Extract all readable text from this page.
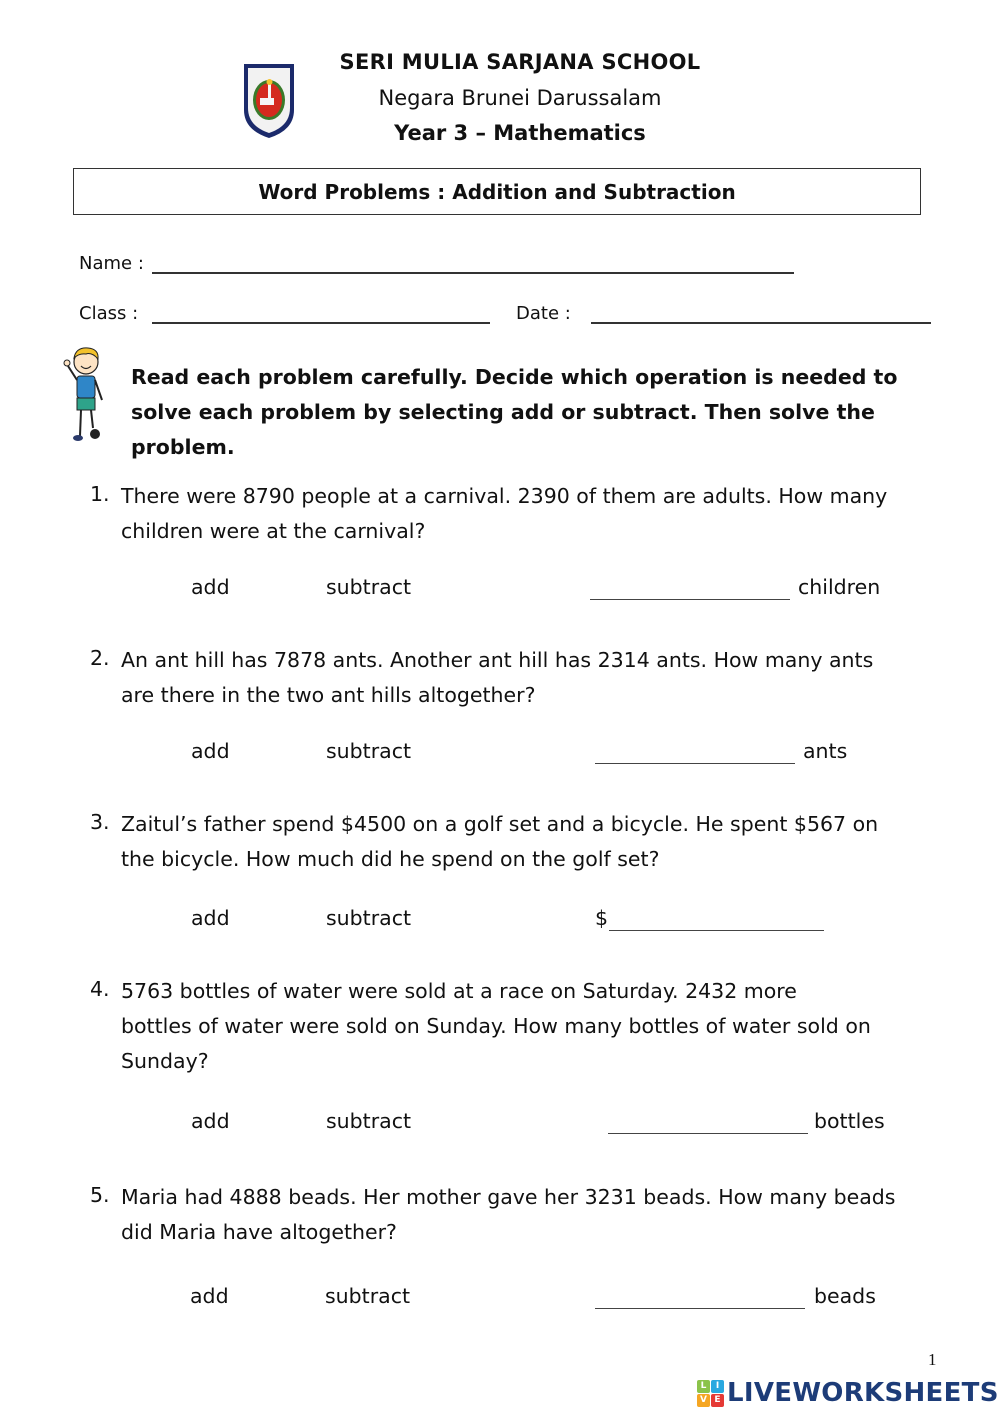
SERI MULIA SARJANA SCHOOL
Negara Brunei Darussalam
Year 3 – Mathematics
Word Problems : Addition and Subtraction
Name :
Class :	Date :
Read each problem carefully. Decide which operation is needed to solve each problem by selecting add or subtract. Then solve the problem.
1. There were 8790 people at a carnival. 2390 of them are adults. How many
children were at the carnival?
add	subtract	children
2. An ant hill has 7878 ants. Another ant hill has 2314 ants. How many ants
are there in the two ant hills altogether?
add	subtract	ants
3. Zaitul’s father spend $4500 on a golf set and a bicycle. He spent $567 on
the bicycle. How much did he spend on the golf set?
add	subtract	$
4. 5763 bottles of water were sold at a race on Saturday. 2432 more
bottles of water were sold on Sunday. How many bottles of water sold on
Sunday?
add	subtract	bottles
5. Maria had 4888 beads. Her mother gave her 3231 beads. How many beads
did Maria have altogether?
add	subtract	beads
1
L	I
V E LIVEWORKSHEETS
